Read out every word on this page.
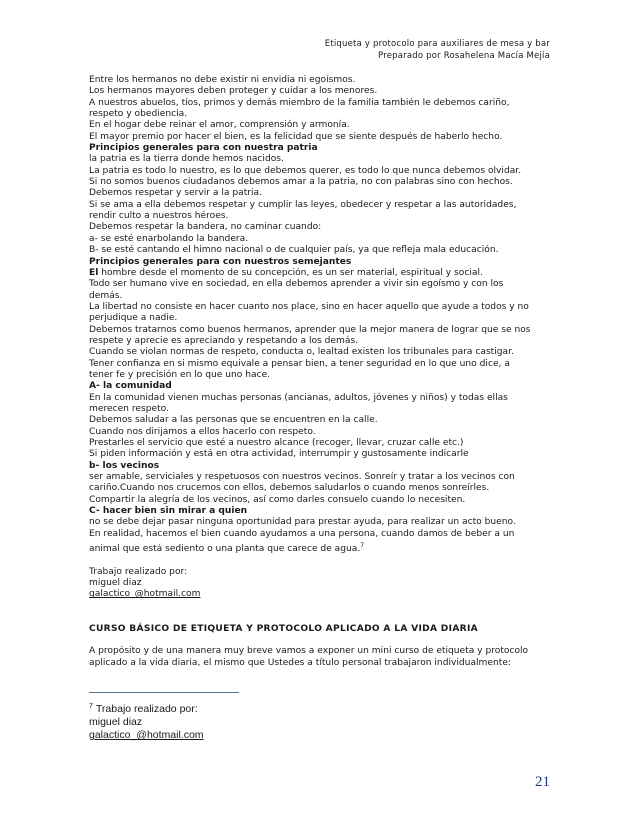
Etiqueta y protocolo para auxiliares de mesa y bar
Preparado por Rosahelena Macía Mejía

Entre los hermanos no debe existir ni envidia ni egoísmos.

Los hermanos mayores deben proteger y cuidar a los menores.

A nuestros abuelos, tíos, primos y demás miembro de la familia también le debemos cariño,

respeto y obediencia.

En el hogar debe reinar el amor, comprensión y armonía.

El mayor premio por hacer el bien, es la felicidad que se siente después de haberlo hecho.

Principios generales para con nuestra patria

la patria es la tierra donde hemos nacidos.

La patria es todo lo nuestro, es lo que debemos querer, es todo lo que nunca debemos olvidar.

Si no somos buenos ciudadanos debemos amar a la patria, no con palabras sino con hechos.

Debemos respetar y servir a la patria.

Si se ama a ella debemos respetar y cumplir las leyes, obedecer y respetar a las autoridades,

rendir culto a nuestros héroes.

Debemos respetar la bandera, no caminar cuando:

a- se esté enarbolando la bandera.

B- se esté cantando el himno nacional o de cualquier país, ya que refleja mala educación.

Principios generales para con nuestros semejantes

El hombre desde el momento de su concepción, es un ser material, espiritual y social.

Todo ser humano vive en sociedad, en ella debemos aprender a vivir sin egoísmo y con los

demás.

La libertad no consiste en hacer cuanto nos place, sino en hacer aquello que ayude a todos y no

perjudique a nadie.

Debemos tratarnos como buenos hermanos, aprender que la mejor manera de lograr que se nos

respete y aprecie es apreciando y respetando a los demás.

Cuando se violan normas de respeto, conducta o, lealtad existen los tribunales para castigar.

Tener confianza en si mismo equivale a pensar bien, a tener seguridad en lo que uno dice, a

tener fe y precisión en lo que uno hace.

A- la comunidad

En la comunidad vienen muchas personas (ancianas, adultos, jóvenes y niños) y todas ellas

merecen respeto.

Debemos saludar a las personas que se encuentren en la calle.

Cuando nos dirijamos a ellos hacerlo con respeto.

Prestarles el servicio que esté a nuestro alcance (recoger, llevar, cruzar calle etc.)

Si piden información y está en otra actividad, interrumpir y gustosamente indicarle

b- los vecinos

ser amable, serviciales y respetuosos con nuestros vecinos. Sonreír y tratar a los vecinos con

cariño.Cuando nos crucemos con ellos, debemos saludarlos o cuando menos sonreírles.

Compartir la alegría de los vecinos, así como darles consuelo cuando lo necesiten.

C- hacer bien sin mirar a quien

no se debe dejar pasar ninguna oportunidad para prestar ayuda, para realizar un acto bueno.

En realidad, hacemos el bien cuando ayudamos a una persona, cuando damos de beber a un

animal que está sediento o una planta que carece de agua.$^7$

Trabajo realizado por:

miguel diaz

galactico_@hotmail.com

CURSO BÁSICO DE ETIQUETA Y PROTOCOLO APLICADO A LA VIDA DIARIA

A propósito y de una manera muy breve vamos a exponer un mini curso de etiqueta y protocolo

aplicado a la vida diaria, el mismo que Ustedes a título personal trabajaron individualmente:

$^7$ Trabajo realizado por:
miguel diaz
galactico_@hotmail.com
21
